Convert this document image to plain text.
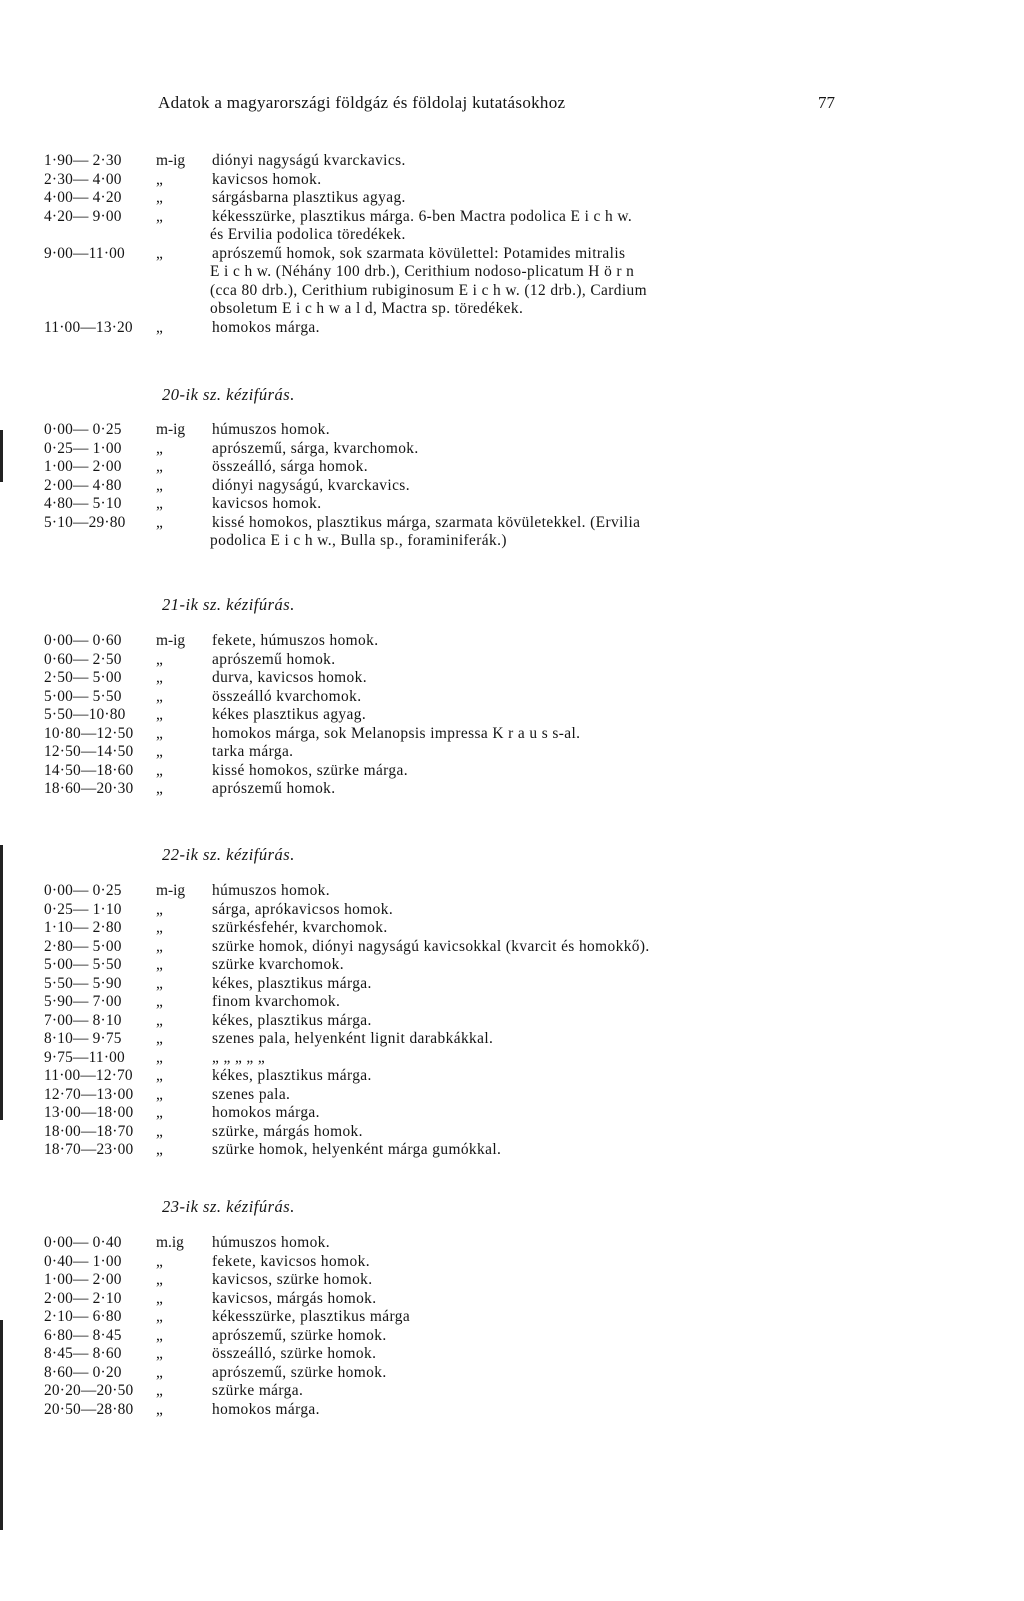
Adatok a magyarországi földgáz és földolaj kutatásokhoz	77
1·90— 2·30	m-ig	diónyi nagyságú kvarckavics.
2·30— 4·00	„	kavicsos homok.
4·00— 4·20	„	sárgásbarna plasztikus agyag.
4·20— 9·00	„	kékesszürke, plasztikus márga. 6-ben Mactra podolica E i c h w.
és Ervilia podolica töredékek.
9·00—11·00	„	aprószemű homok, sok szarmata kövülettel: Potamides mitralis
E i c h w. (Néhány 100 drb.), Cerithium nodoso-plicatum H ö r n
(cca 80 drb.), Cerithium rubiginosum E i c h w. (12 drb.), Cardium
obsoletum E i c h w a l d, Mactra sp. töredékek.
11·00—13·20	„	homokos márga.
20-ik sz. kézifúrás.
0·00— 0·25	m-ig	húmuszos homok.
0·25— 1·00	„	aprószemű, sárga, kvarchomok.
1·00— 2·00	„	összeálló, sárga homok.
2·00— 4·80	„	diónyi nagyságú, kvarckavics.
4·80— 5·10	„	kavicsos homok.
5·10—29·80	„	kissé homokos, plasztikus márga, szarmata kövületekkel. (Ervilia
podolica E i c h w., Bulla sp., foraminiferák.)
21-ik sz. kézifúrás.
0·00— 0·60	m-ig	fekete, húmuszos homok.
0·60— 2·50	„	aprószemű homok.
2·50— 5·00	„	durva, kavicsos homok.
5·00— 5·50	„	összeálló kvarchomok.
5·50—10·80	„	kékes plasztikus agyag.
10·80—12·50	„	homokos márga, sok Melanopsis impressa K r a u s s-al.
12·50—14·50	„	tarka márga.
14·50—18·60	„	kissé homokos, szürke márga.
18·60—20·30	„	aprószemű homok.
22-ik sz. kézifúrás.
0·00— 0·25	m-ig	húmuszos homok.
0·25— 1·10	„	sárga, aprókavicsos homok.
1·10— 2·80	„	szürkésfehér, kvarchomok.
2·80— 5·00	„	szürke homok, diónyi nagyságú kavicsokkal (kvarcit és homokkő).
5·00— 5·50	„	szürke kvarchomok.
5·50— 5·90	„	kékes, plasztikus márga.
5·90— 7·00	„	finom kvarchomok.
7·00— 8·10	„	kékes, plasztikus márga.
8·10— 9·75	„	szenes pala, helyenként lignit darabkákkal.
9·75—11·00	„	„ „ „ „ „
11·00—12·70	„	kékes, plasztikus márga.
12·70—13·00	„	szenes pala.
13·00—18·00	„	homokos márga.
18·00—18·70	„	szürke, márgás homok.
18·70—23·00	„	szürke homok, helyenként márga gumókkal.
23-ik sz. kézifúrás.
0·00— 0·40	m.ig	húmuszos homok.
0·40— 1·00	„	fekete, kavicsos homok.
1·00— 2·00	„	kavicsos, szürke homok.
2·00— 2·10	„	kavicsos, márgás homok.
2·10— 6·80	„	kékesszürke, plasztikus márga
6·80— 8·45	„	aprószemű, szürke homok.
8·45— 8·60	„	összeálló, szürke homok.
8·60— 0·20	„	aprószemű, szürke homok.
20·20—20·50	„	szürke márga.
20·50—28·80	„	homokos márga.
